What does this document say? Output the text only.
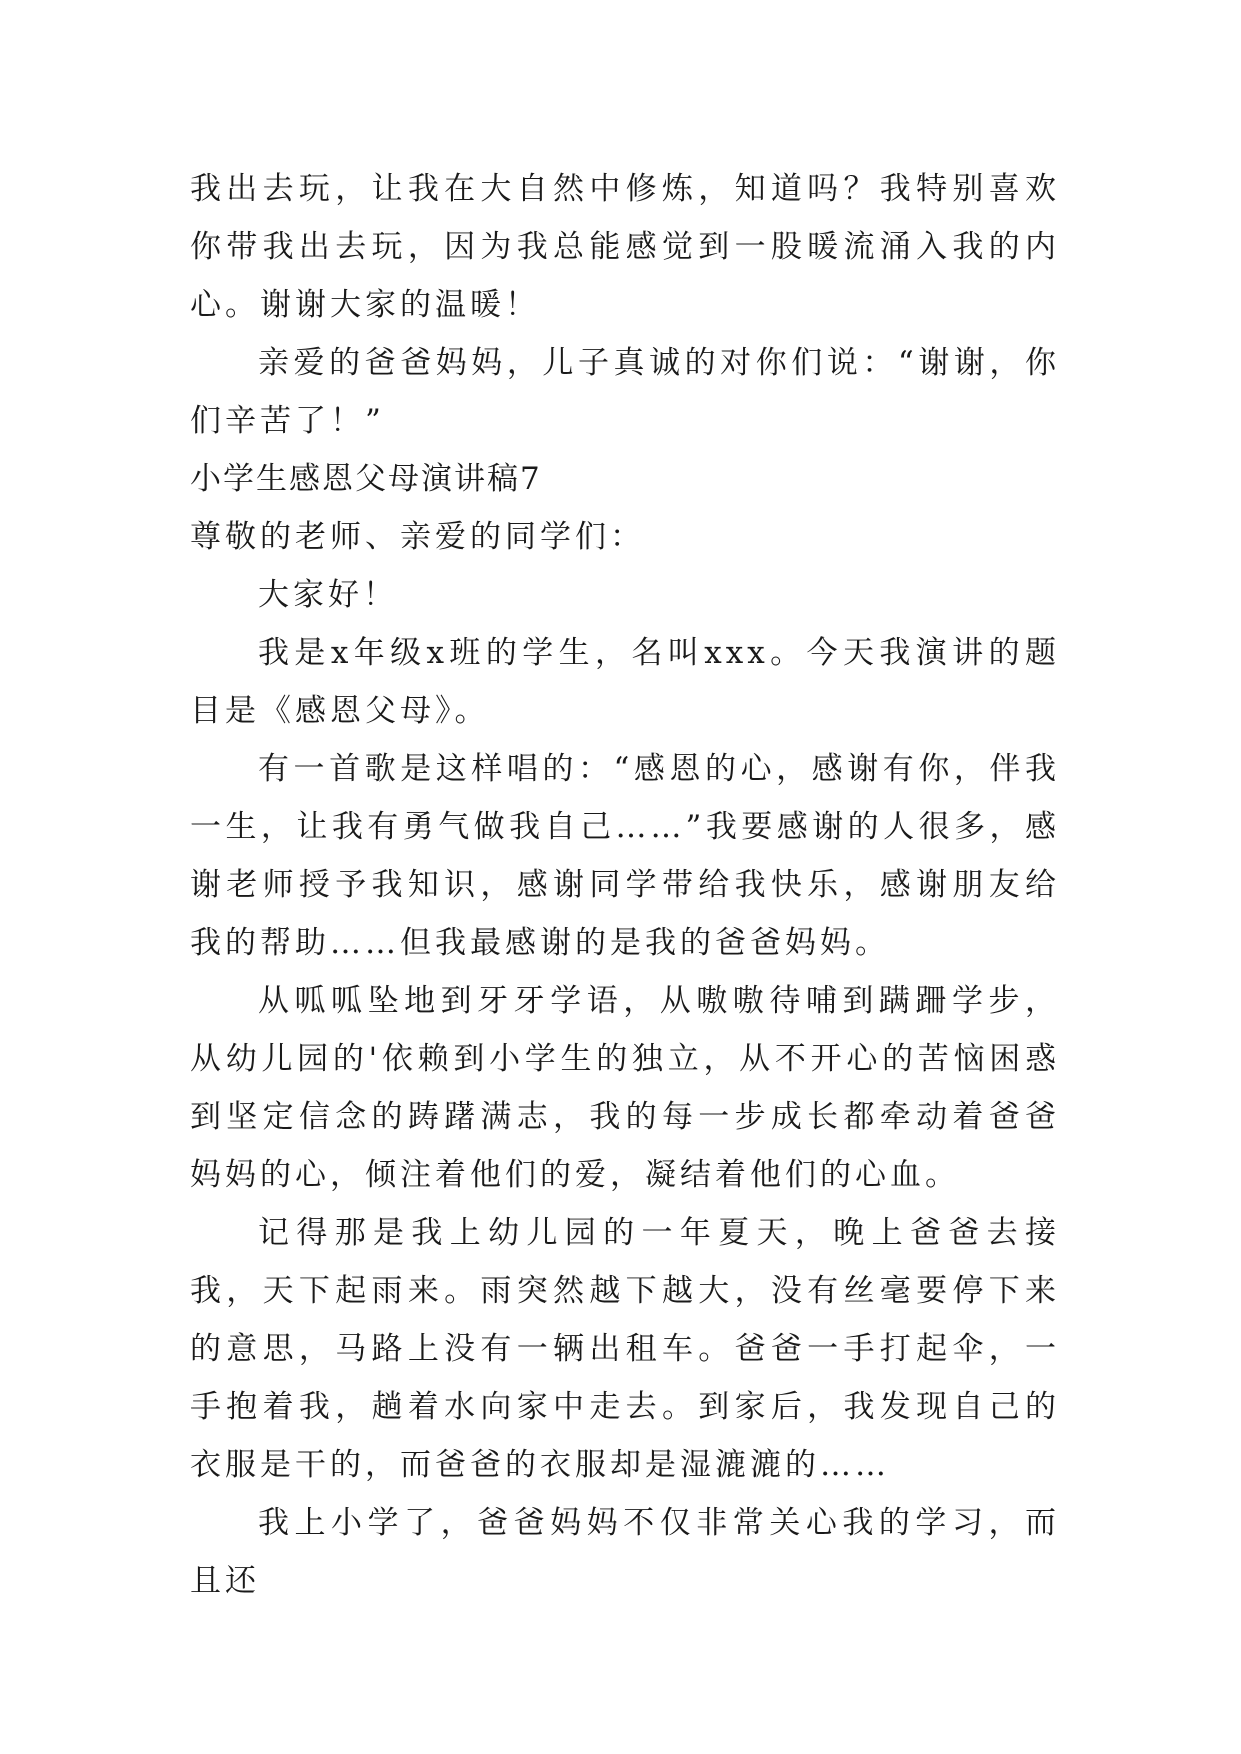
我出去玩，让我在大自然中修炼，知道吗？我特别喜欢你带我出去玩，因为我总能感觉到一股暖流涌入我的内心。谢谢大家的温暖！

亲爱的爸爸妈妈，儿子真诚的对你们说：“谢谢，你们辛苦了！”

小学生感恩父母演讲稿7

尊敬的老师、亲爱的同学们：

大家好！

我是x年级x班的学生，名叫xxx。今天我演讲的题目是《感恩父母》。

有一首歌是这样唱的：“感恩的心，感谢有你，伴我一生，让我有勇气做我自己……”我要感谢的人很多，感谢老师授予我知识，感谢同学带给我快乐，感谢朋友给我的帮助……但我最感谢的是我的爸爸妈妈。

从呱呱坠地到牙牙学语，从嗷嗷待哺到蹒跚学步，从幼儿园的'依赖到小学生的独立，从不开心的苦恼困惑到坚定信念的踌躇满志，我的每一步成长都牵动着爸爸妈妈的心，倾注着他们的爱，凝结着他们的心血。

记得那是我上幼儿园的一年夏天，晚上爸爸去接我，天下起雨来。雨突然越下越大，没有丝毫要停下来的意思，马路上没有一辆出租车。爸爸一手打起伞，一手抱着我，趟着水向家中走去。到家后，我发现自己的衣服是干的，而爸爸的衣服却是湿漉漉的……

我上小学了，爸爸妈妈不仅非常关心我的学习，而且还
